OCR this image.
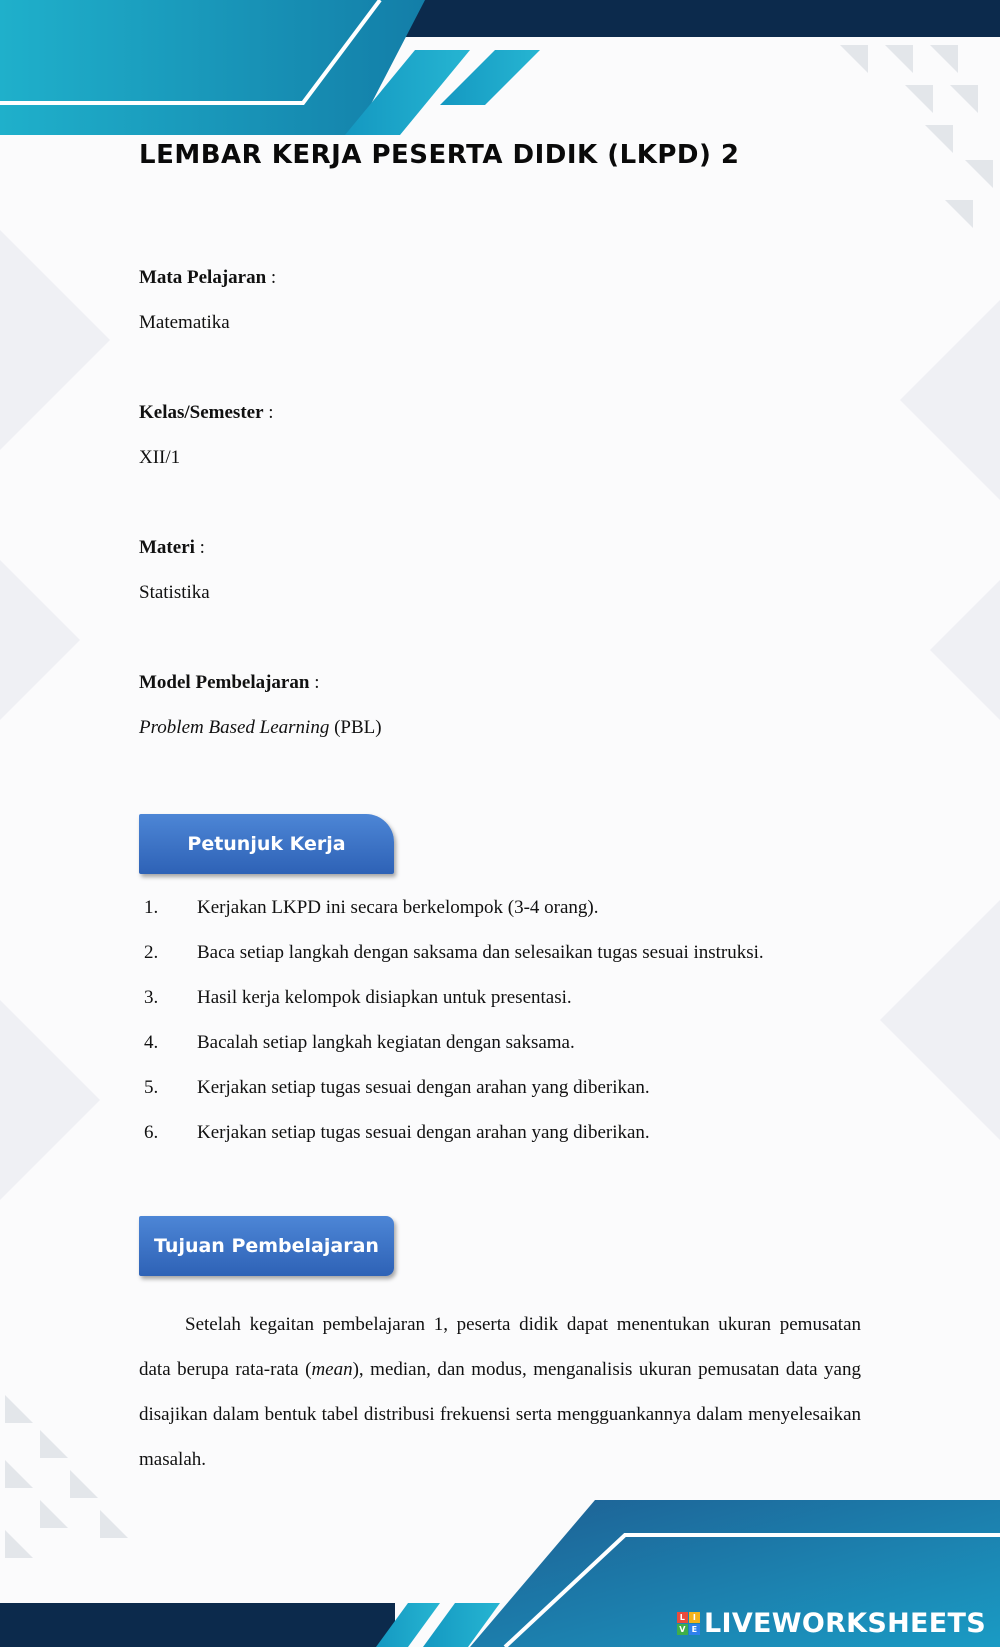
LEMBAR KERJA PESERTA DIDIK (LKPD) 2
Mata Pelajaran :
Matematika
Kelas/Semester :
XII/1
Materi :
Statistika
Model Pembelajaran :
Problem Based Learning (PBL)
Petunjuk Kerja
1. Kerjakan LKPD ini secara berkelompok (3-4 orang).
2. Baca setiap langkah dengan saksama dan selesaikan tugas sesuai instruksi.
3. Hasil kerja kelompok disiapkan untuk presentasi.
4. Bacalah setiap langkah kegiatan dengan saksama.
5. Kerjakan setiap tugas sesuai dengan arahan yang diberikan.
6. Kerjakan setiap tugas sesuai dengan arahan yang diberikan.
Tujuan Pembelajaran

Setelah kegaitan pembelajaran 1, peserta didik dapat menentukan ukuran pemusatan data berupa rata-rata (mean), median, dan modus, menganalisis ukuran pemusatan data yang disajikan dalam bentuk tabel distribusi frekuensi serta mengguankannya dalam menyelesaikan masalah.

L I
V E LIVEWORKSHEETS
